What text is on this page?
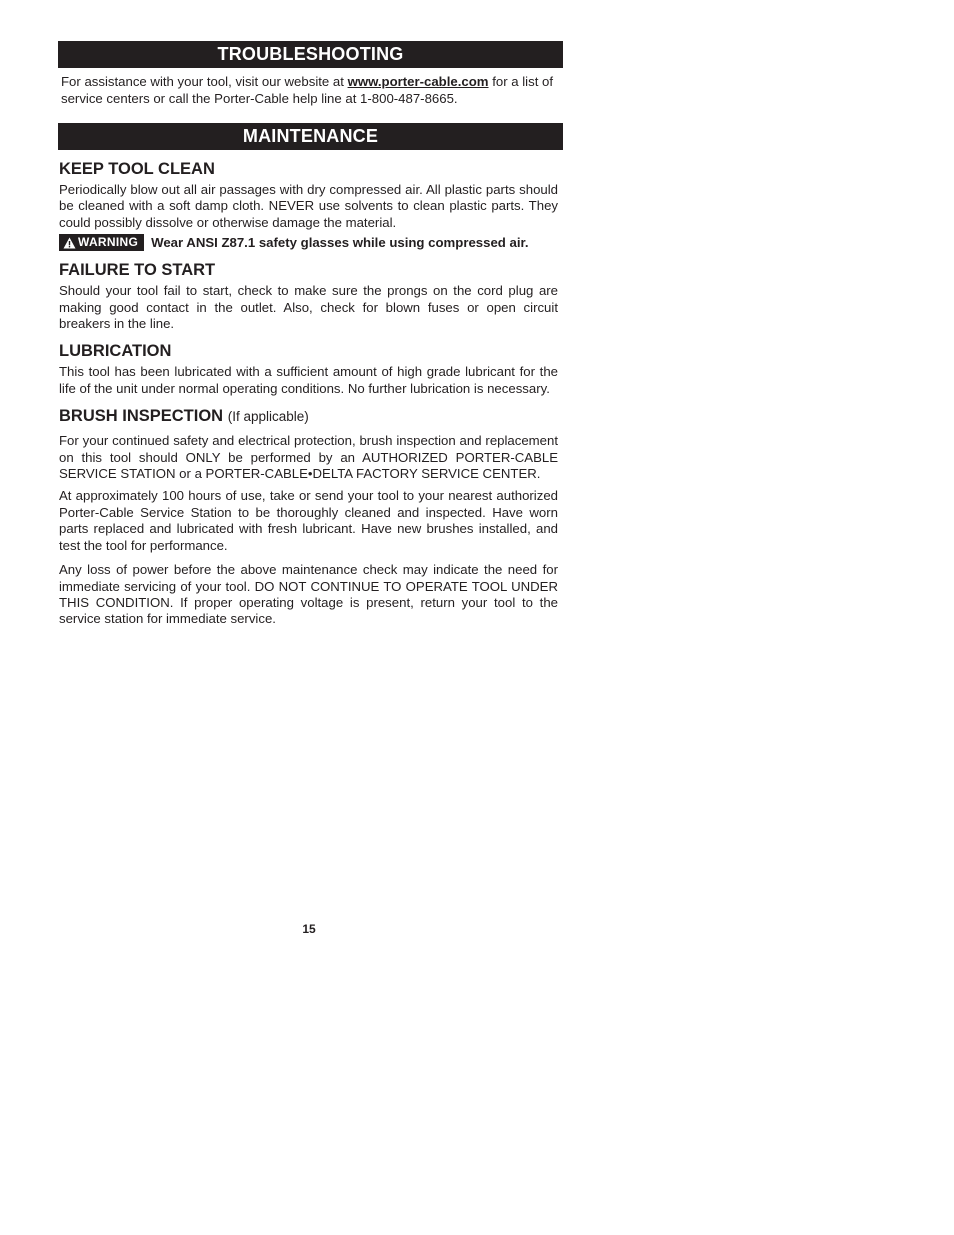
TROUBLESHOOTING
For assistance with your tool, visit our website at www.porter-cable.com for a list of service centers or call the Porter-Cable help line at 1-800-487-8665.
MAINTENANCE
KEEP TOOL CLEAN

Periodically blow out all air passages with dry compressed air. All plastic parts should be cleaned with a soft damp cloth. NEVER use solvents to clean plastic parts. They could possibly dissolve or otherwise damage the material.

WARNING Wear ANSI Z87.1 safety glasses while using compressed air.
FAILURE TO START

Should your tool fail to start, check to make sure the prongs on the cord plug are making good contact in the outlet. Also, check for blown fuses or open circuit breakers in the line.

LUBRICATION

This tool has been lubricated with a sufficient amount of high grade lubricant for the life of the unit under normal operating conditions. No further lubrication is necessary.

BRUSH INSPECTION (If applicable)

For your continued safety and electrical protection, brush inspection and replacement on this tool should ONLY be performed by an AUTHORIZED PORTER-CABLE SERVICE STATION or a PORTER-CABLE•DELTA FACTORY SERVICE CENTER.

At approximately 100 hours of use, take or send your tool to your nearest authorized Porter-Cable Service Station to be thoroughly cleaned and inspected. Have worn parts replaced and lubricated with fresh lubricant. Have new brushes installed, and test the tool for performance.

Any loss of power before the above maintenance check may indicate the need for immediate servicing of your tool. DO NOT CONTINUE TO OPERATE TOOL UNDER THIS CONDITION. If proper operating voltage is present, return your tool to the service station for immediate service.

15
